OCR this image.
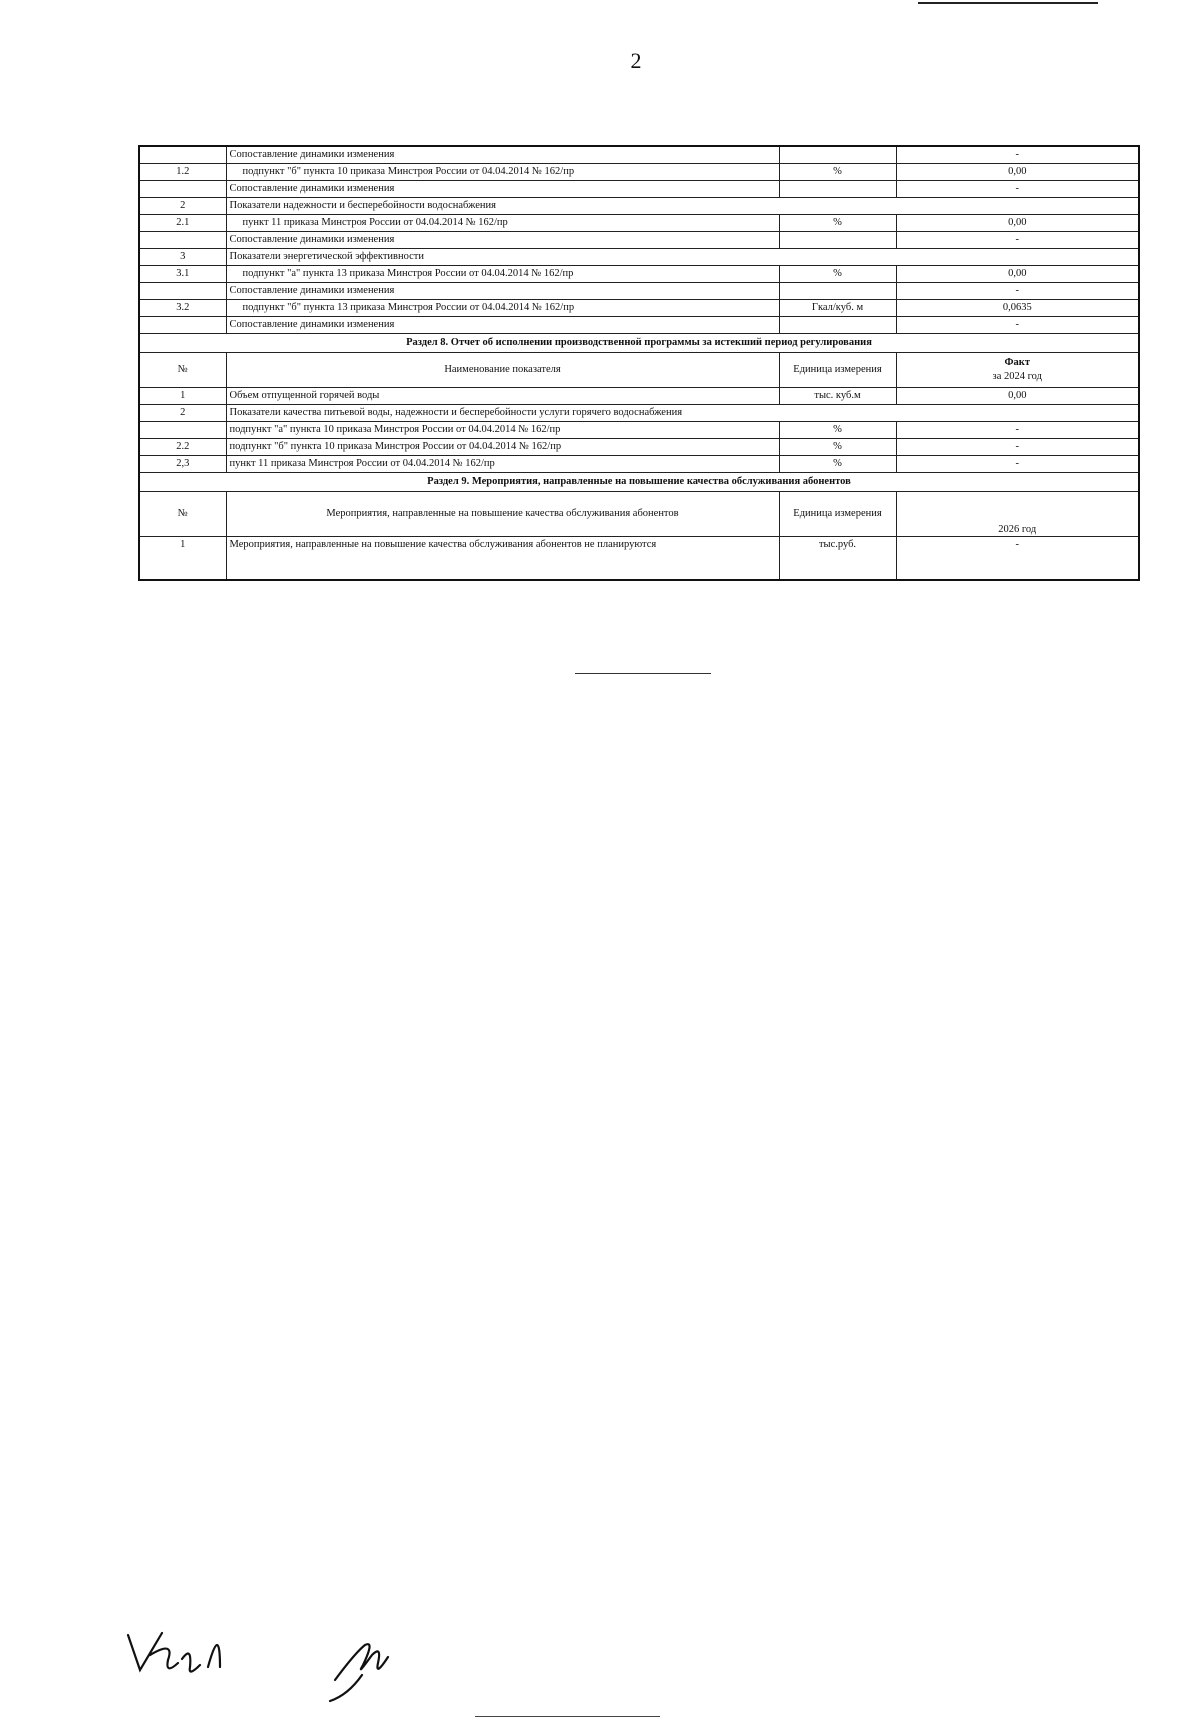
2
	Сопоставление динамики изменения		-
1.2	подпункт "б" пункта 10 приказа Минстроя России от 04.04.2014 № 162/пр	%	0,00
	Сопоставление динамики изменения		-
2	Показатели надежности и бесперебойности водоснабжения		
2.1	пункт 11 приказа Минстроя России от 04.04.2014 № 162/пр	%	0,00
	Сопоставление динамики изменения		-
3	Показатели энергетической эффективности		
3.1	подпункт "а" пункта 13 приказа Минстроя России от 04.04.2014 № 162/пр	%	0,00
	Сопоставление динамики изменения		-
3.2	подпункт "б" пункта 13 приказа Минстроя России от 04.04.2014 № 162/пр	Гкал/куб. м	0,0635
	Сопоставление динамики изменения		-
Раздел 8. Отчет об исполнении производственной программы за истекший период регулирования			
№	Наименование показателя	Единица измерения	Факт
за 2024 год

1	Объем отпущенной горячей воды	тыс. куб.м	0,00
2	Показатели качества питьевой воды, надежности и бесперебойности услуги горячего водоснабжения		
	подпункт "а" пункта 10 приказа Минстроя России от 04.04.2014 № 162/пр	%	-
2.2	подпункт "б" пункта 10 приказа Минстроя России от 04.04.2014 № 162/пр	%	-
2,3	пункт 11 приказа Минстроя России от 04.04.2014 № 162/пр	%	-
Раздел 9. Мероприятия, направленные на повышение качества обслуживания абонентов			
№	Мероприятия, направленные на повышение качества обслуживания абонентов	Единица измерения	2026 год
1	Мероприятия, направленные на повышение качества обслуживания абонентов не планируются	тыс.руб.	-
